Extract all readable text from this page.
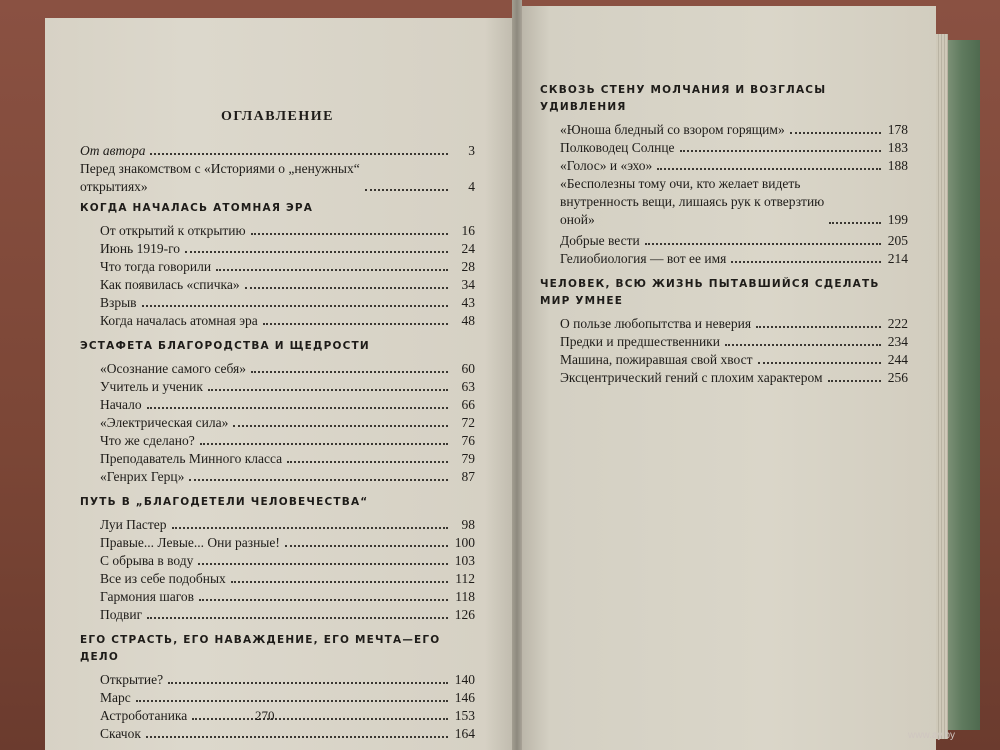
ОГЛАВЛЕНИЕ
От автора	3
Перед знакомством с «Историями о „ненужных“
открытиях»	4
КОГДА НАЧАЛАСЬ АТОМНАЯ ЭРА
От открытий к открытию	16
Июнь 1919-го	24
Что тогда говорили	28
Как появилась «спичка»	34
Взрыв	43
Когда началась атомная эра	48
ЭСТАФЕТА БЛАГОРОДСТВА И ЩЕДРОСТИ
«Осознание самого себя»	60
Учитель и ученик	63
Начало	66
«Электрическая сила»	72
Что же сделано?	76
Преподаватель Минного класса	79
«Генрих Герц»	87
ПУТЬ В „БЛАГОДЕТЕЛИ ЧЕЛОВЕЧЕСТВА“
Луи Пастер	98
Правые... Левые... Они разные!	100
С обрыва в воду	103
Все из себе подобных	112
Гармония шагов	118
Подвиг	126
ЕГО СТРАСТЬ, ЕГО НАВАЖДЕНИЕ, ЕГО МЕЧТА—ЕГО ДЕЛО
Открытие?	140
Марс	146
Астроботаника	153
Скачок	164
270
СКВОЗЬ СТЕНУ МОЛЧАНИЯ И ВОЗГЛАСЫ УДИВЛЕНИЯ
«Юноша бледный со взором горящим»	178
Полководец Солнце	183
«Голос» и «эхо»	188
«Бесполезны тому очи, кто желает видеть
внутренность вещи, лишаясь рук к отверзтию
оной»	199
Добрые вести	205
Гелиобиология — вот ее имя	214
ЧЕЛОВЕК, ВСЮ ЖИЗНЬ ПЫТАВШИЙСЯ СДЕЛАТЬ МИР УМНЕЕ
О пользе любопытства и неверия	222
Предки и предшественники	234
Машина, пожиравшая свой хвост	244
Эксцентрический гений с плохим характером	256
www.ay.by
